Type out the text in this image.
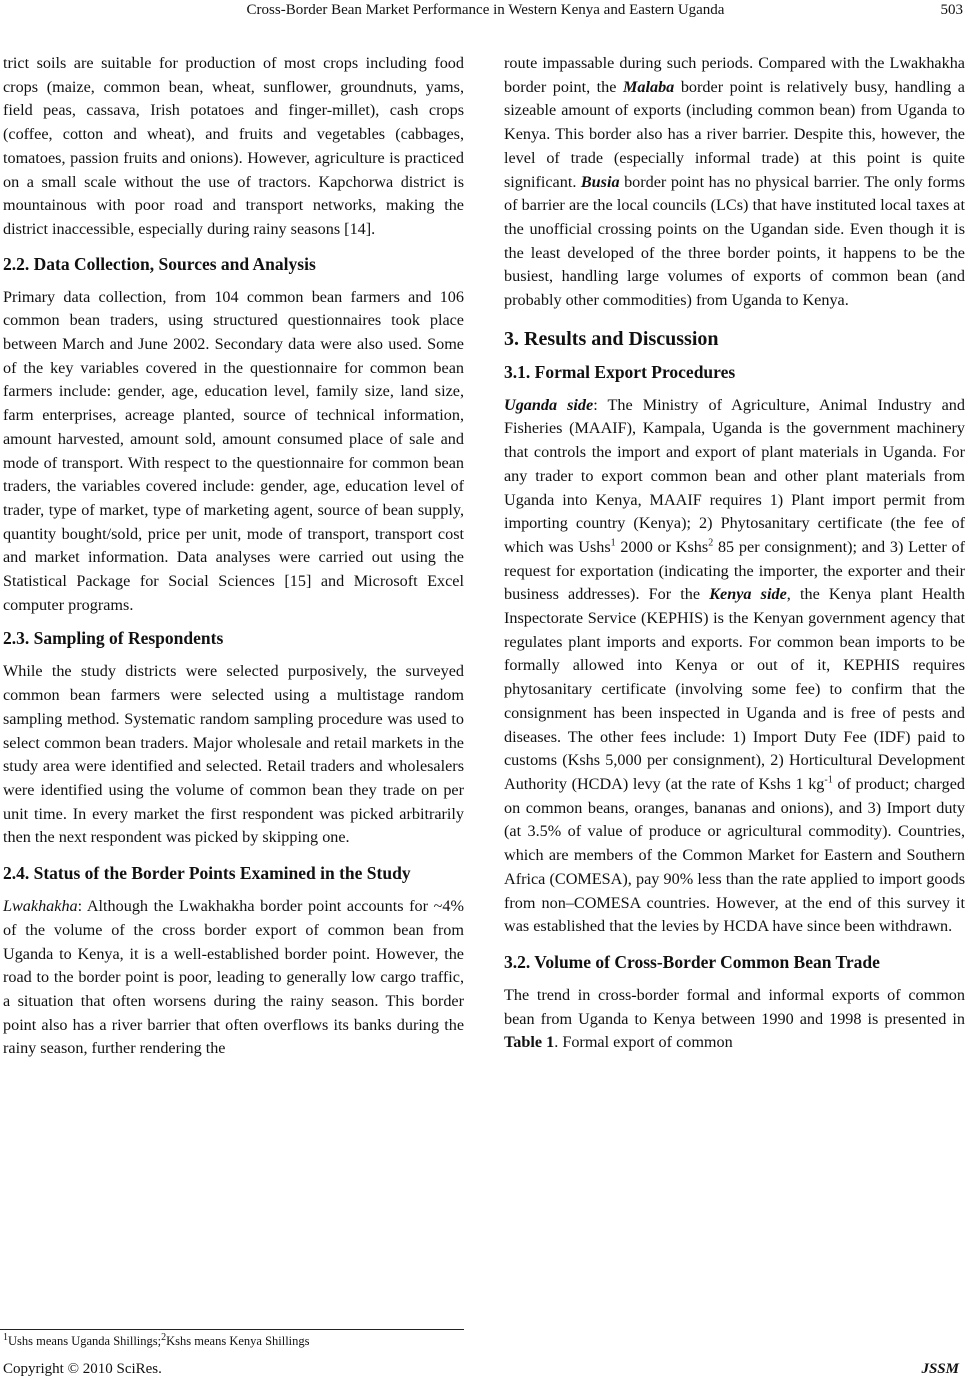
Cross-Border Bean Market Performance in Western Kenya and Eastern Uganda	503

trict soils are suitable for production of most crops including food crops (maize, common bean, wheat, sunflower, groundnuts, yams, field peas, cassava, Irish potatoes and finger-millet), cash crops (coffee, cotton and wheat), and fruits and vegetables (cabbages, tomatoes, passion fruits and onions). However, agriculture is practiced on a small scale without the use of tractors. Kapchorwa district is mountainous with poor road and transport networks, making the district inaccessible, especially during rainy seasons [14].

2.2. Data Collection, Sources and Analysis

Primary data collection, from 104 common bean farmers and 106 common bean traders, using structured questionnaires took place between March and June 2002. Secondary data were also used. Some of the key variables covered in the questionnaire for common bean farmers include: gender, age, education level, family size, land size, farm enterprises, acreage planted, source of technical information, amount harvested, amount sold, amount consumed place of sale and mode of transport. With respect to the questionnaire for common bean traders, the variables covered include: gender, age, education level of trader, type of market, type of marketing agent, source of bean supply, quantity bought/sold, price per unit, mode of transport, transport cost and market information. Data analyses were carried out using the Statistical Package for Social Sciences [15] and Microsoft Excel computer programs.

2.3. Sampling of Respondents

While the study districts were selected purposively, the surveyed common bean farmers were selected using a multistage random sampling method. Systematic random sampling procedure was used to select common bean traders. Major wholesale and retail markets in the study area were identified and selected. Retail traders and wholesalers were identified using the volume of common bean they trade on per unit time. In every market the first respondent was picked arbitrarily then the next respondent was picked by skipping one.

2.4. Status of the Border Points Examined in the Study

Lwakhakha: Although the Lwakhakha border point accounts for ~4% of the volume of the cross border export of common bean from Uganda to Kenya, it is a well-established border point. However, the road to the border point is poor, leading to generally low cargo traffic, a situation that often worsens during the rainy season. This border point also has a river barrier that often overflows its banks during the rainy season, further rendering the

route impassable during such periods. Compared with the Lwakhakha border point, the Malaba border point is relatively busy, handling a sizeable amount of exports (including common bean) from Uganda to Kenya. This border also has a river barrier. Despite this, however, the level of trade (especially informal trade) at this point is quite significant. Busia border point has no physical barrier. The only forms of barrier are the local councils (LCs) that have instituted local taxes at the unofficial crossing points on the Ugandan side. Even though it is the least developed of the three border points, it happens to be the busiest, handling large volumes of exports of common bean (and probably other commodities) from Uganda to Kenya.

3. Results and Discussion
3.1. Formal Export Procedures

Uganda side: The Ministry of Agriculture, Animal Industry and Fisheries (MAAIF), Kampala, Uganda is the government machinery that controls the import and export of plant materials in Uganda. For any trader to export common bean and other plant materials from Uganda into Kenya, MAAIF requires 1) Plant import permit from importing country (Kenya); 2) Phytosanitary certificate (the fee of which was Ushs$^1$ 2000 or Kshs$^2$ 85 per consignment); and 3) Letter of request for exportation (indicating the importer, the exporter and their business addresses). For the Kenya side, the Kenya plant Health Inspectorate Service (KEPHIS) is the Kenyan government agency that regulates plant imports and exports. For common bean imports to be formally allowed into Kenya or out of it, KEPHIS requires phytosanitary certificate (involving some fee) to confirm that the consignment has been inspected in Uganda and is free of pests and diseases. The other fees include: 1) Import Duty Fee (IDF) paid to customs (Kshs 5,000 per consignment), 2) Horticultural Development Authority (HCDA) levy (at the rate of Kshs 1 $kg^{-1}$ of product; charged on common beans, oranges, bananas and onions), and 3) Import duty (at 3.5% of value of produce or agricultural commodity). Countries, which are members of the Common Market for Eastern and Southern Africa (COMESA), pay 90% less than the rate applied to import goods from non–COMESA countries. However, at the end of this survey it was established that the levies by HCDA have since been withdrawn.

3.2. Volume of Cross-Border Common Bean Trade

The trend in cross-border formal and informal exports of common bean from Uganda to Kenya between 1990 and 1998 is presented in Table 1. Formal export of common

$^1$Ushs means Uganda Shillings;$^2$Kshs means Kenya Shillings
Copyright © 2010 SciRes.	JSSM
